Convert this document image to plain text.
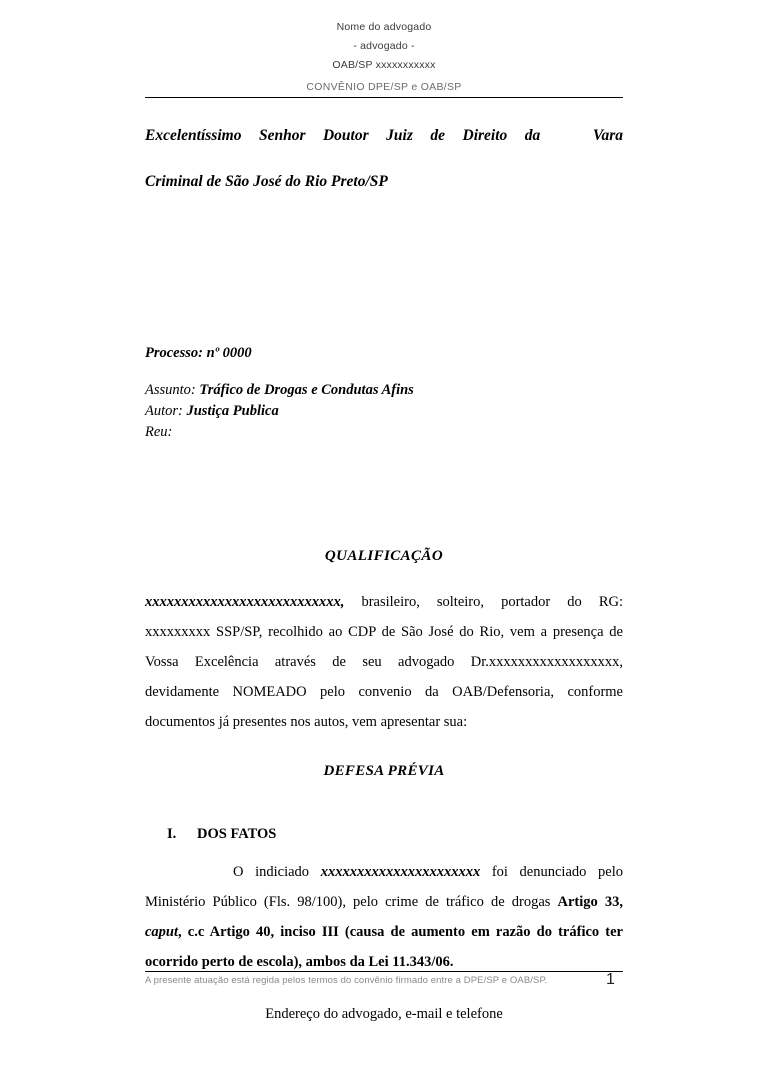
Nome do advogado
- advogado -
OAB/SP xxxxxxxxxxx
CONVÊNIO DPE/SP e OAB/SP
Excelentíssimo Senhor Doutor Juiz de Direito da	Vara
Criminal de São José do Rio Preto/SP
Processo: nº 0000
Assunto: Tráfico de Drogas e Condutas Afins
Autor: Justiça Publica
Reu:
QUALIFICAÇÃO
xxxxxxxxxxxxxxxxxxxxxxxxxxx, brasileiro, solteiro, portador do RG: xxxxxxxxx SSP/SP, recolhido ao CDP de São José do Rio, vem a presença de Vossa Excelência através de seu advogado Dr.xxxxxxxxxxxxxxxxxx, devidamente NOMEADO pelo convenio da OAB/Defensoria, conforme documentos já presentes nos autos, vem apresentar sua:
DEFESA PRÉVIA
I. DOS FATOS
O indiciado xxxxxxxxxxxxxxxxxxxxxx foi denunciado pelo Ministério Público (Fls. 98/100), pelo crime de tráfico de drogas Artigo 33, caput, c.c Artigo 40, inciso III (causa de aumento em razão do tráfico ter ocorrido perto de escola), ambos da Lei 11.343/06.
A presente atuação está regida pelos termos do convênio firmado entre a DPE/SP e OAB/SP.	1
Endereço do advogado, e-mail e telefone
